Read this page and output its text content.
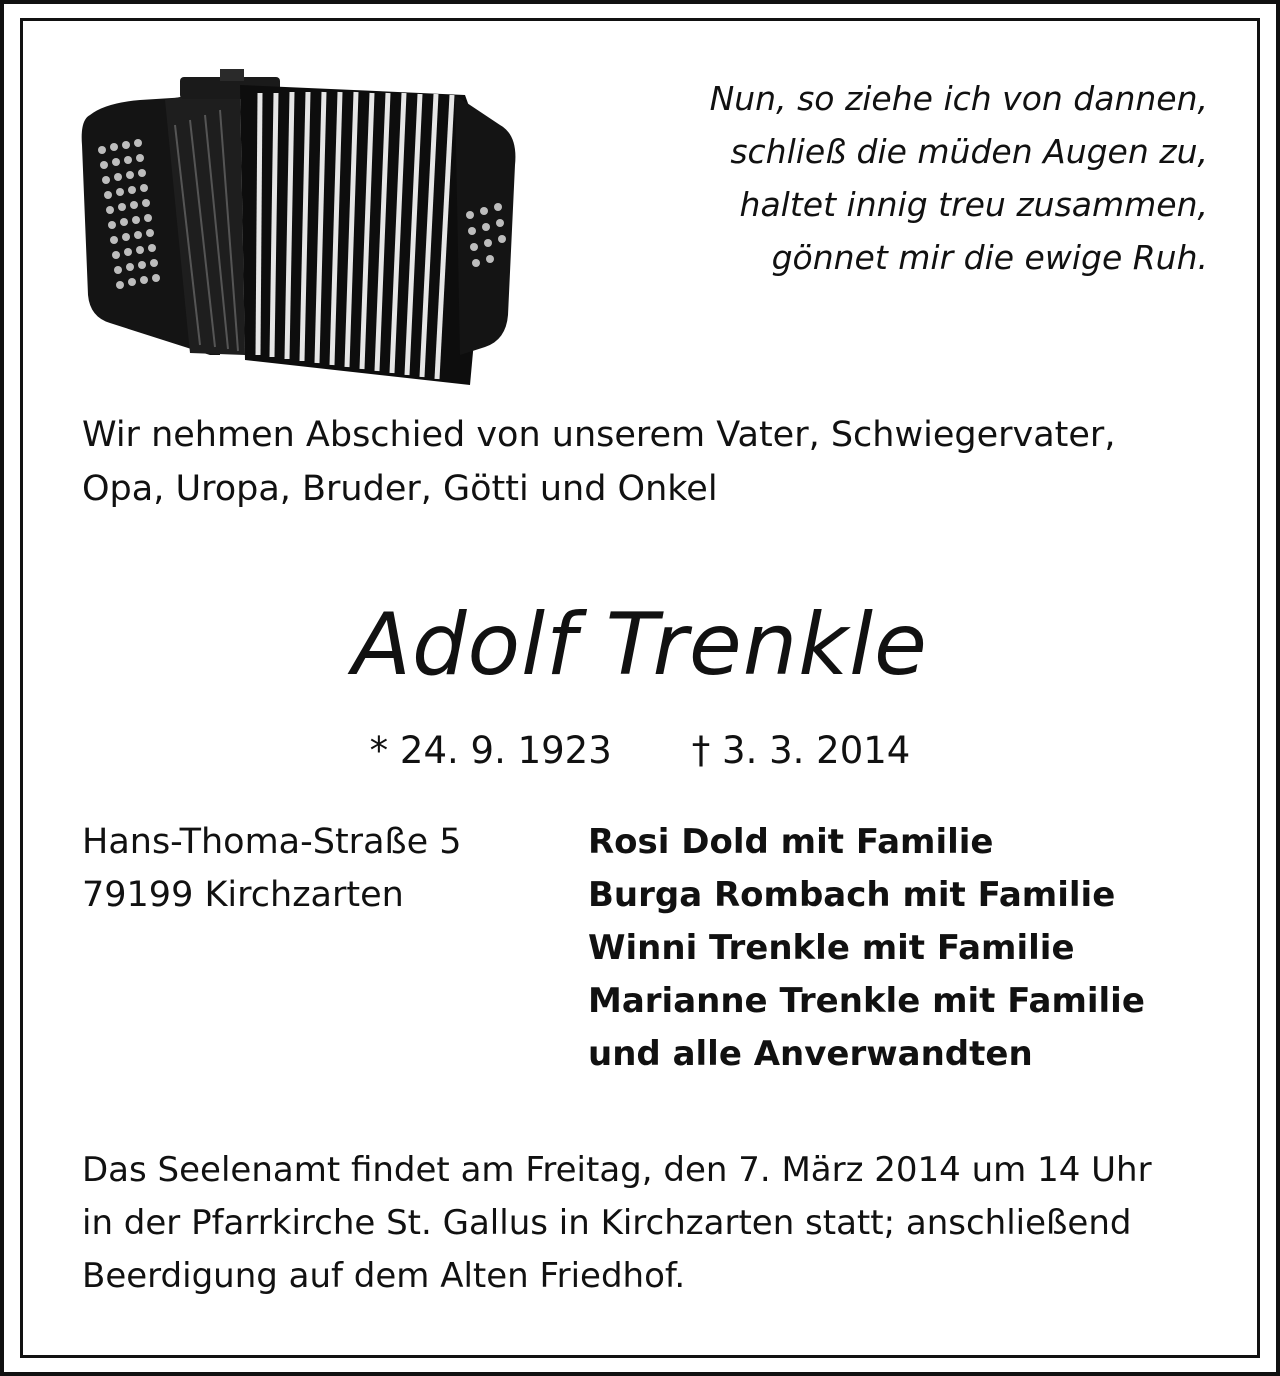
Nun, so ziehe ich von dannen,
schließ die müden Augen zu,
haltet innig treu zusammen,
gönnet mir die ewige Ruh.
Wir nehmen Abschied von unserem Vater, Schwiegervater,
Opa, Uropa, Bruder, Götti und Onkel
Adolf Trenkle
* 24. 9. 1923 † 3. 3. 2014
Hans-Thoma-Straße 5
79199 Kirchzarten
Rosi Dold mit Familie
Burga Rombach mit Familie
Winni Trenkle mit Familie
Marianne Trenkle mit Familie
und alle Anverwandten
Das Seelenamt findet am Freitag, den 7. März 2014 um 14 Uhr
in der Pfarrkirche St. Gallus in Kirchzarten statt; anschließend
Beerdigung auf dem Alten Friedhof.
